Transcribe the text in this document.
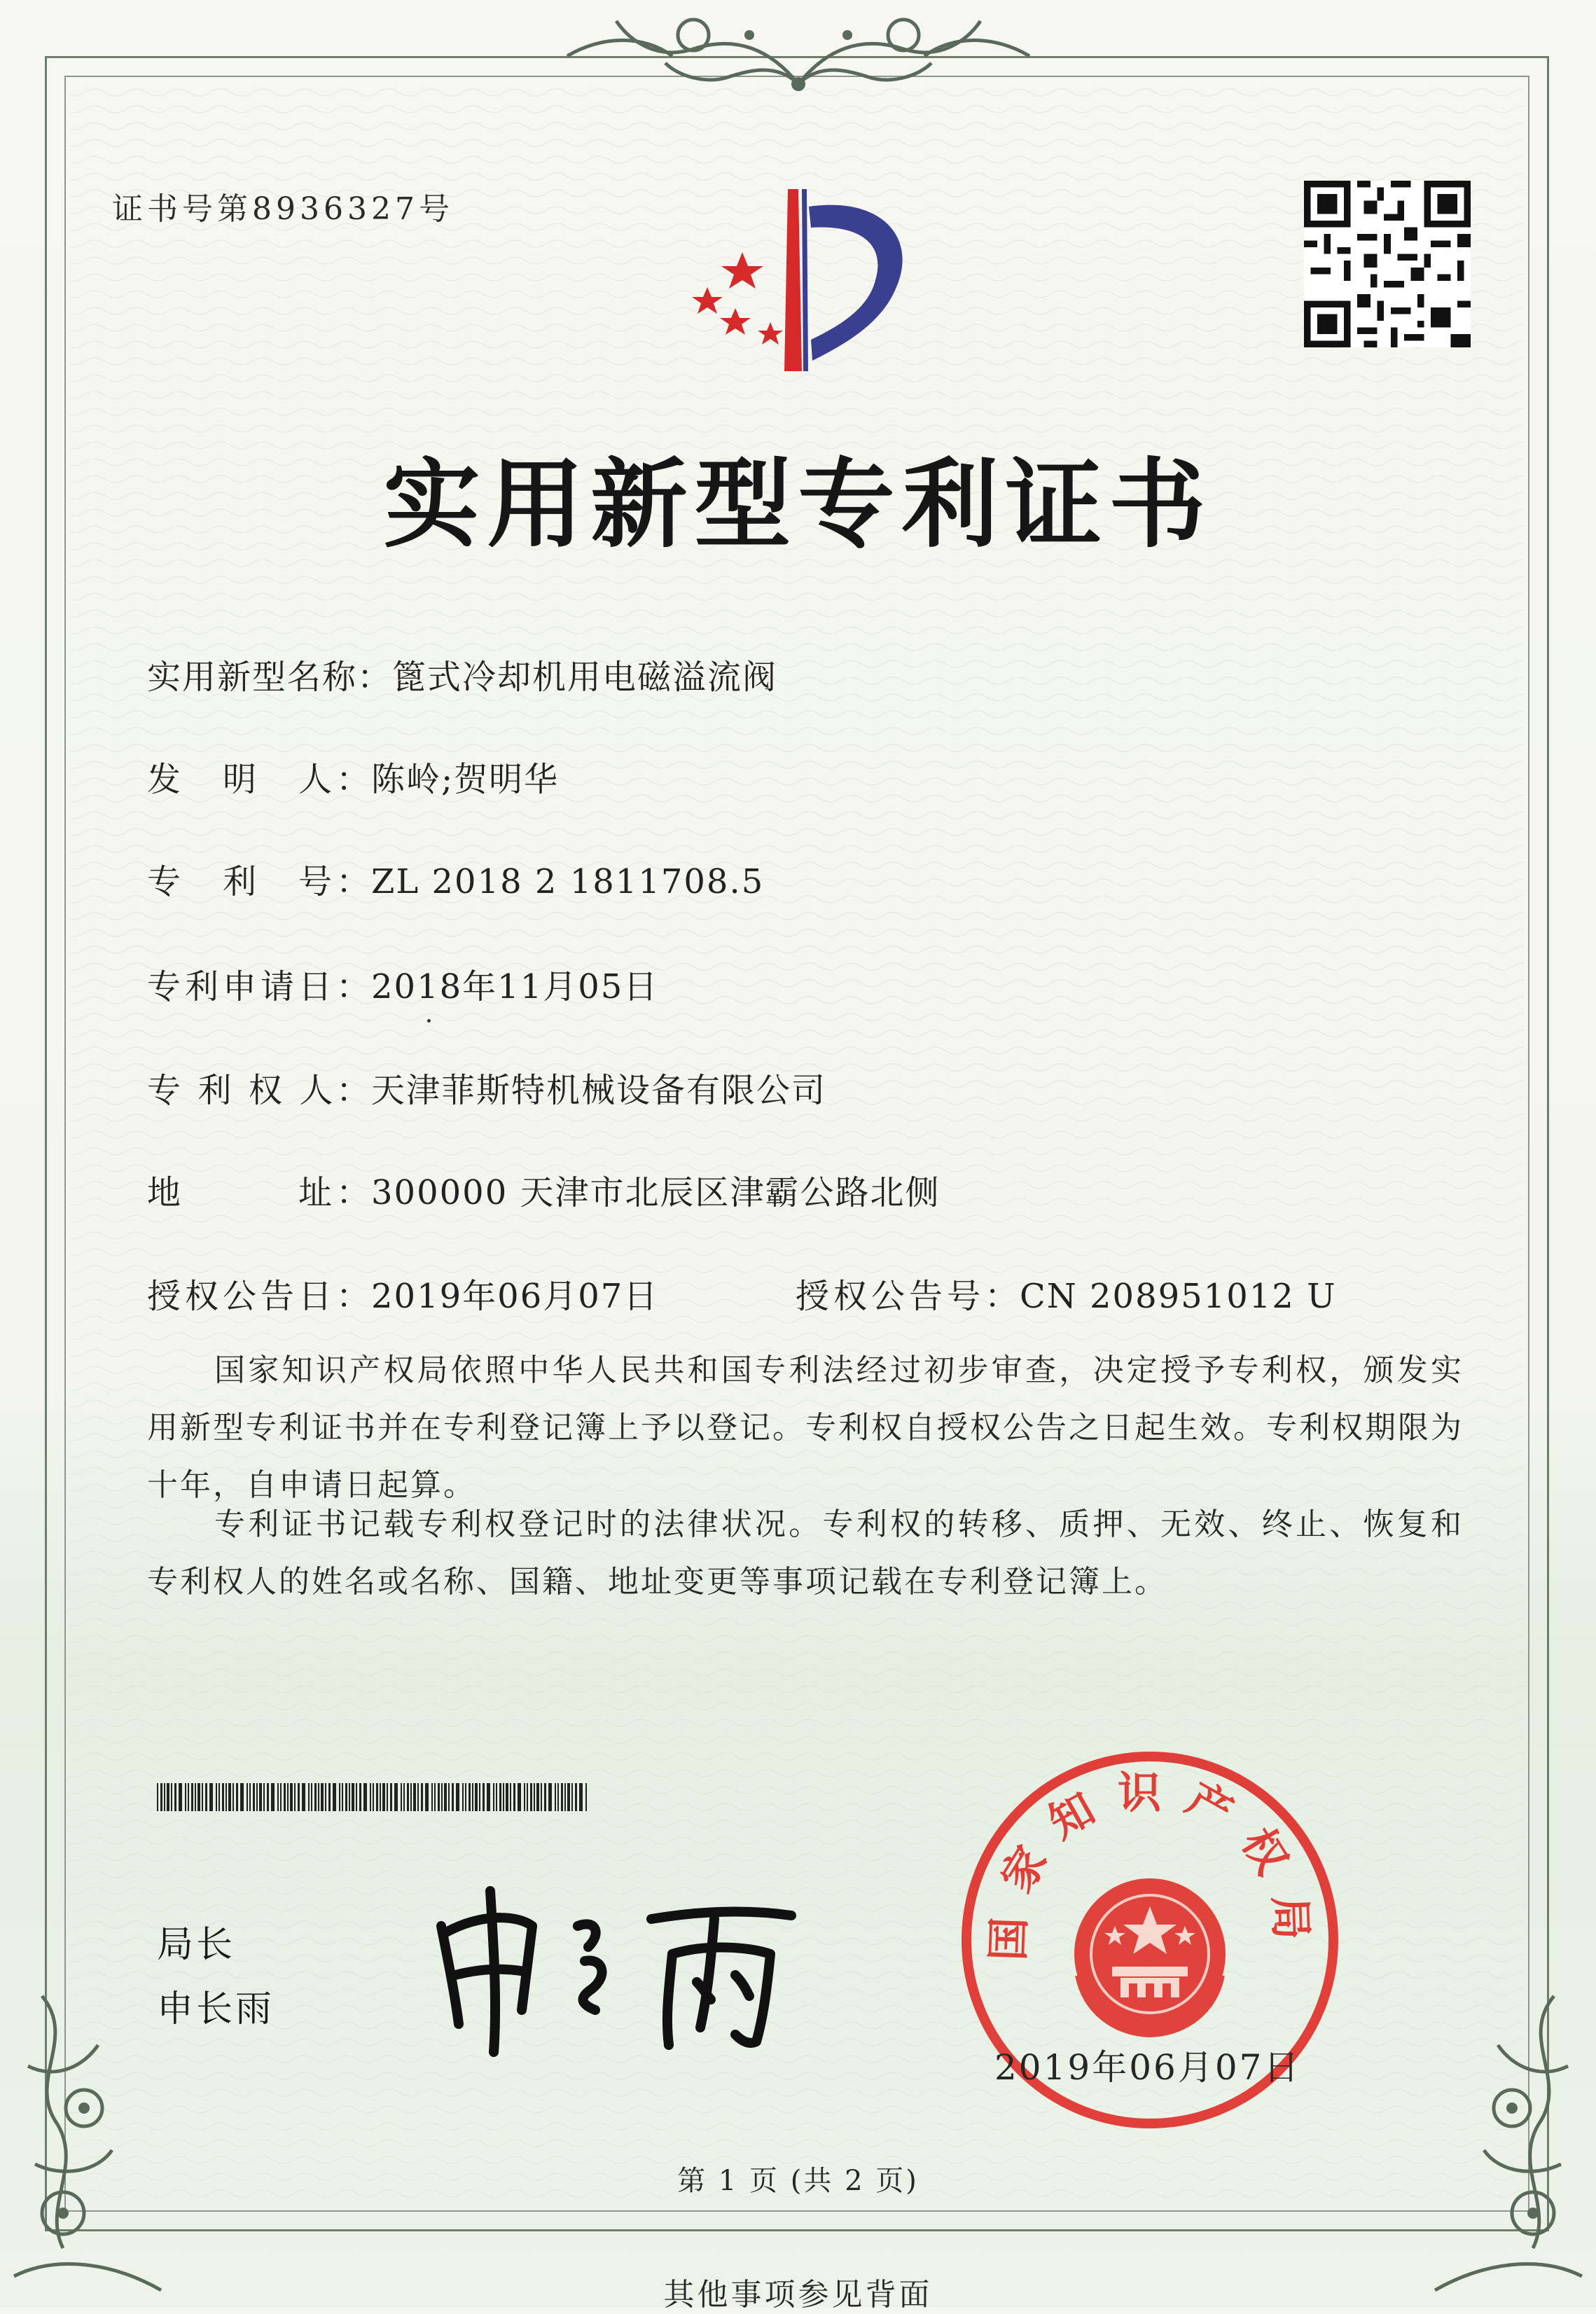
证书号第8936327号
实用新型专利证书
实用新型名称：篦式冷却机用电磁溢流阀
发　明　人：陈岭;贺明华
专　利　号：ZL 2018 2 1811708.5
专利申请日：2018年11月05日
专 利 权 人：天津菲斯特机械设备有限公司
地　　　址：300000 天津市北辰区津霸公路北侧
授权公告日：2019年06月07日	授权公告号：CN 208951012 U
国家知识产权局依照中华人民共和国专利法经过初步审查，决定授予专利权，颁发实用新型专利证书并在专利登记簿上予以登记。专利权自授权公告之日起生效。专利权期限为十年，自申请日起算。
专利证书记载专利权登记时的法律状况。专利权的转移、质押、无效、终止、恢复和专利权人的姓名或名称、国籍、地址变更等事项记载在专利登记簿上。
局长
申长雨
国家知识产权局
2019年06月07日
第 1 页 (共 2 页)
其他事项参见背面
